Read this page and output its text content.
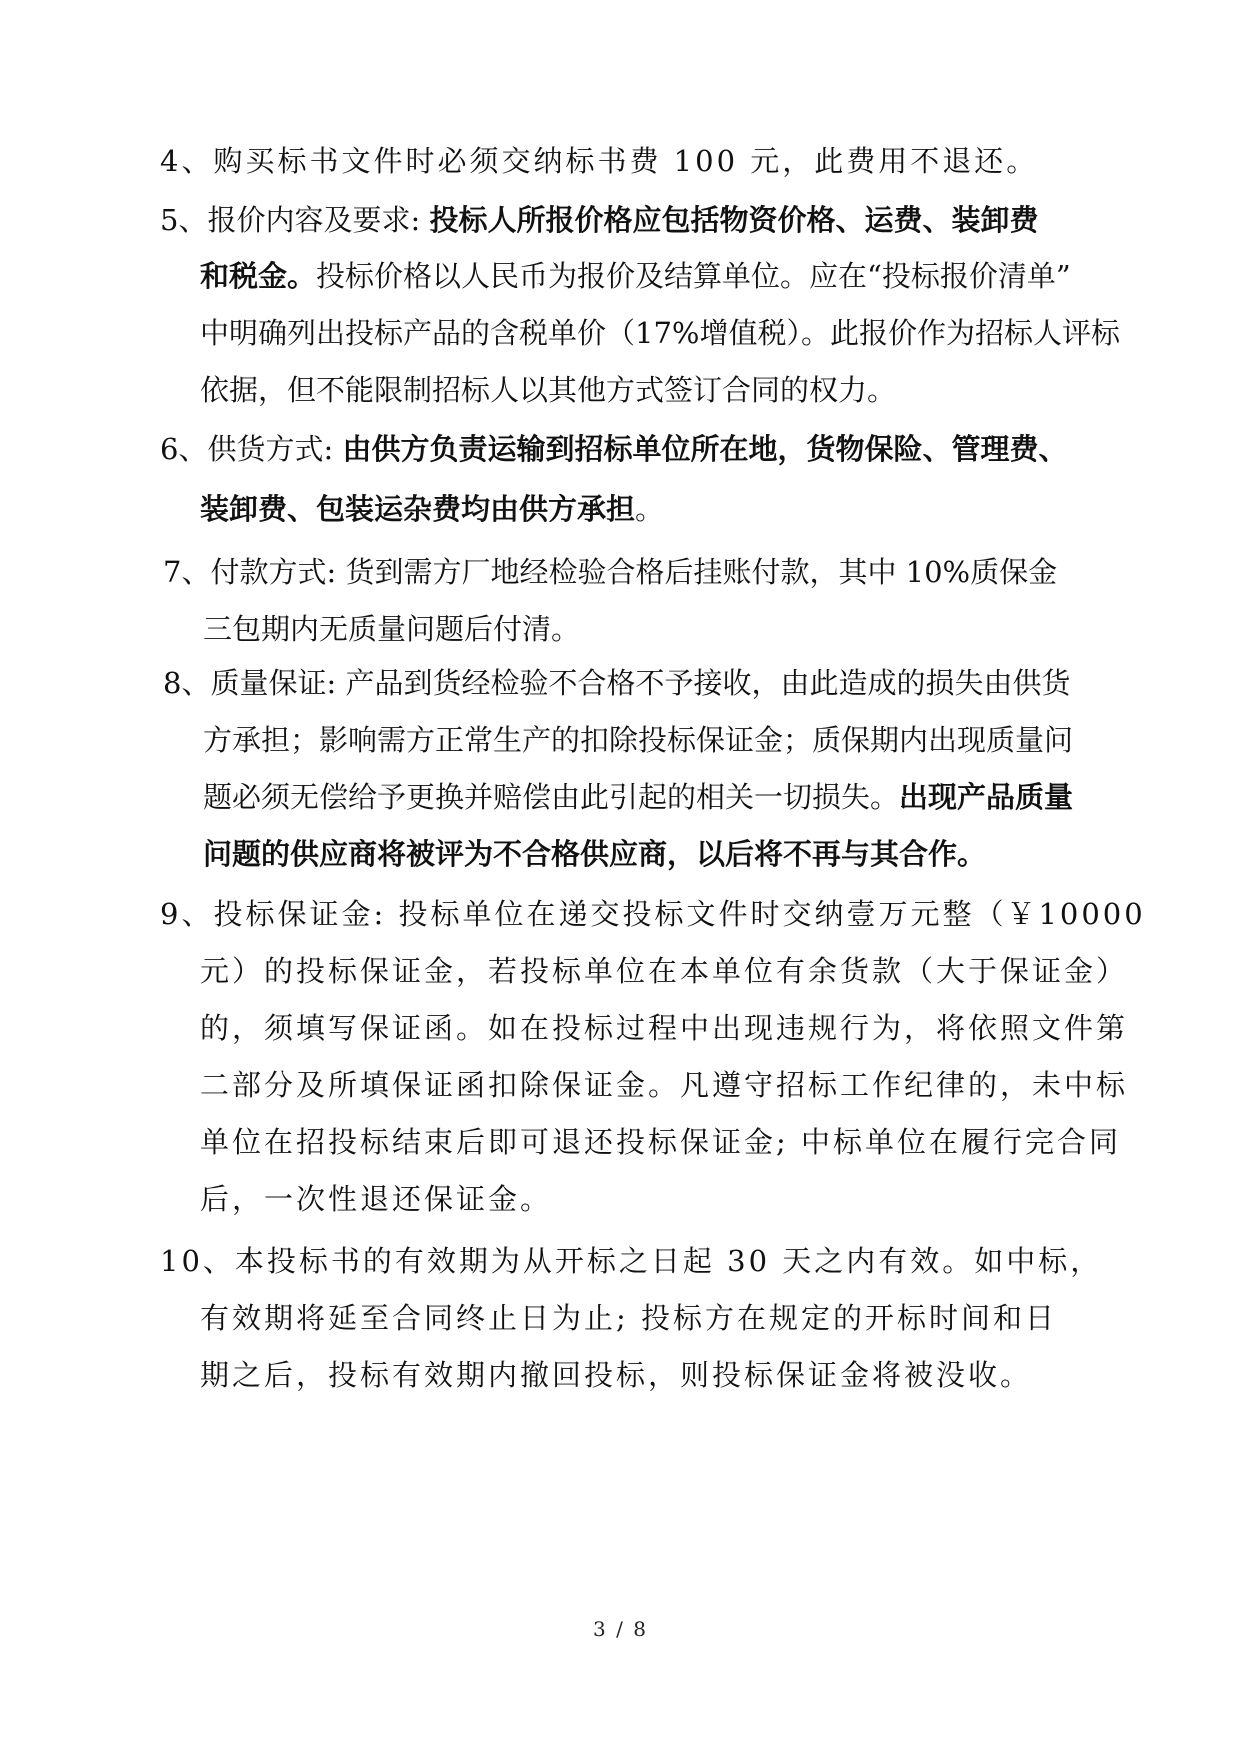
4、购买标书文件时必须交纳标书费 100 元，此费用不退还。
5、报价内容及要求: 投标人所报价格应包括物资价格、运费、装卸费
和税金。投标价格以人民币为报价及结算单位。应在“投标报价清单”
中明确列出投标产品的含税单价（17%增值税）。此报价作为招标人评标
依据，但不能限制招标人以其他方式签订合同的权力。
6、供货方式: 由供方负责运输到招标单位所在地，货物保险、管理费、
装卸费、包装运杂费均由供方承担。
7、付款方式: 货到需方厂地经检验合格后挂账付款，其中 10%质保金
三包期内无质量问题后付清。
8、质量保证: 产品到货经检验不合格不予接收，由此造成的损失由供货
方承担；影响需方正常生产的扣除投标保证金；质保期内出现质量问
题必须无偿给予更换并赔偿由此引起的相关一切损失。出现产品质量
问题的供应商将被评为不合格供应商，以后将不再与其合作。
9、投标保证金: 投标单位在递交投标文件时交纳壹万元整（￥10000
元）的投标保证金，若投标单位在本单位有余货款（大于保证金）
的，须填写保证函。如在投标过程中出现违规行为，将依照文件第
二部分及所填保证函扣除保证金。凡遵守招标工作纪律的，未中标
单位在招投标结束后即可退还投标保证金; 中标单位在履行完合同
后，一次性退还保证金。
10、本投标书的有效期为从开标之日起 30 天之内有效。如中标，
有效期将延至合同终止日为止; 投标方在规定的开标时间和日
期之后，投标有效期内撤回投标，则投标保证金将被没收。
3 / 8
